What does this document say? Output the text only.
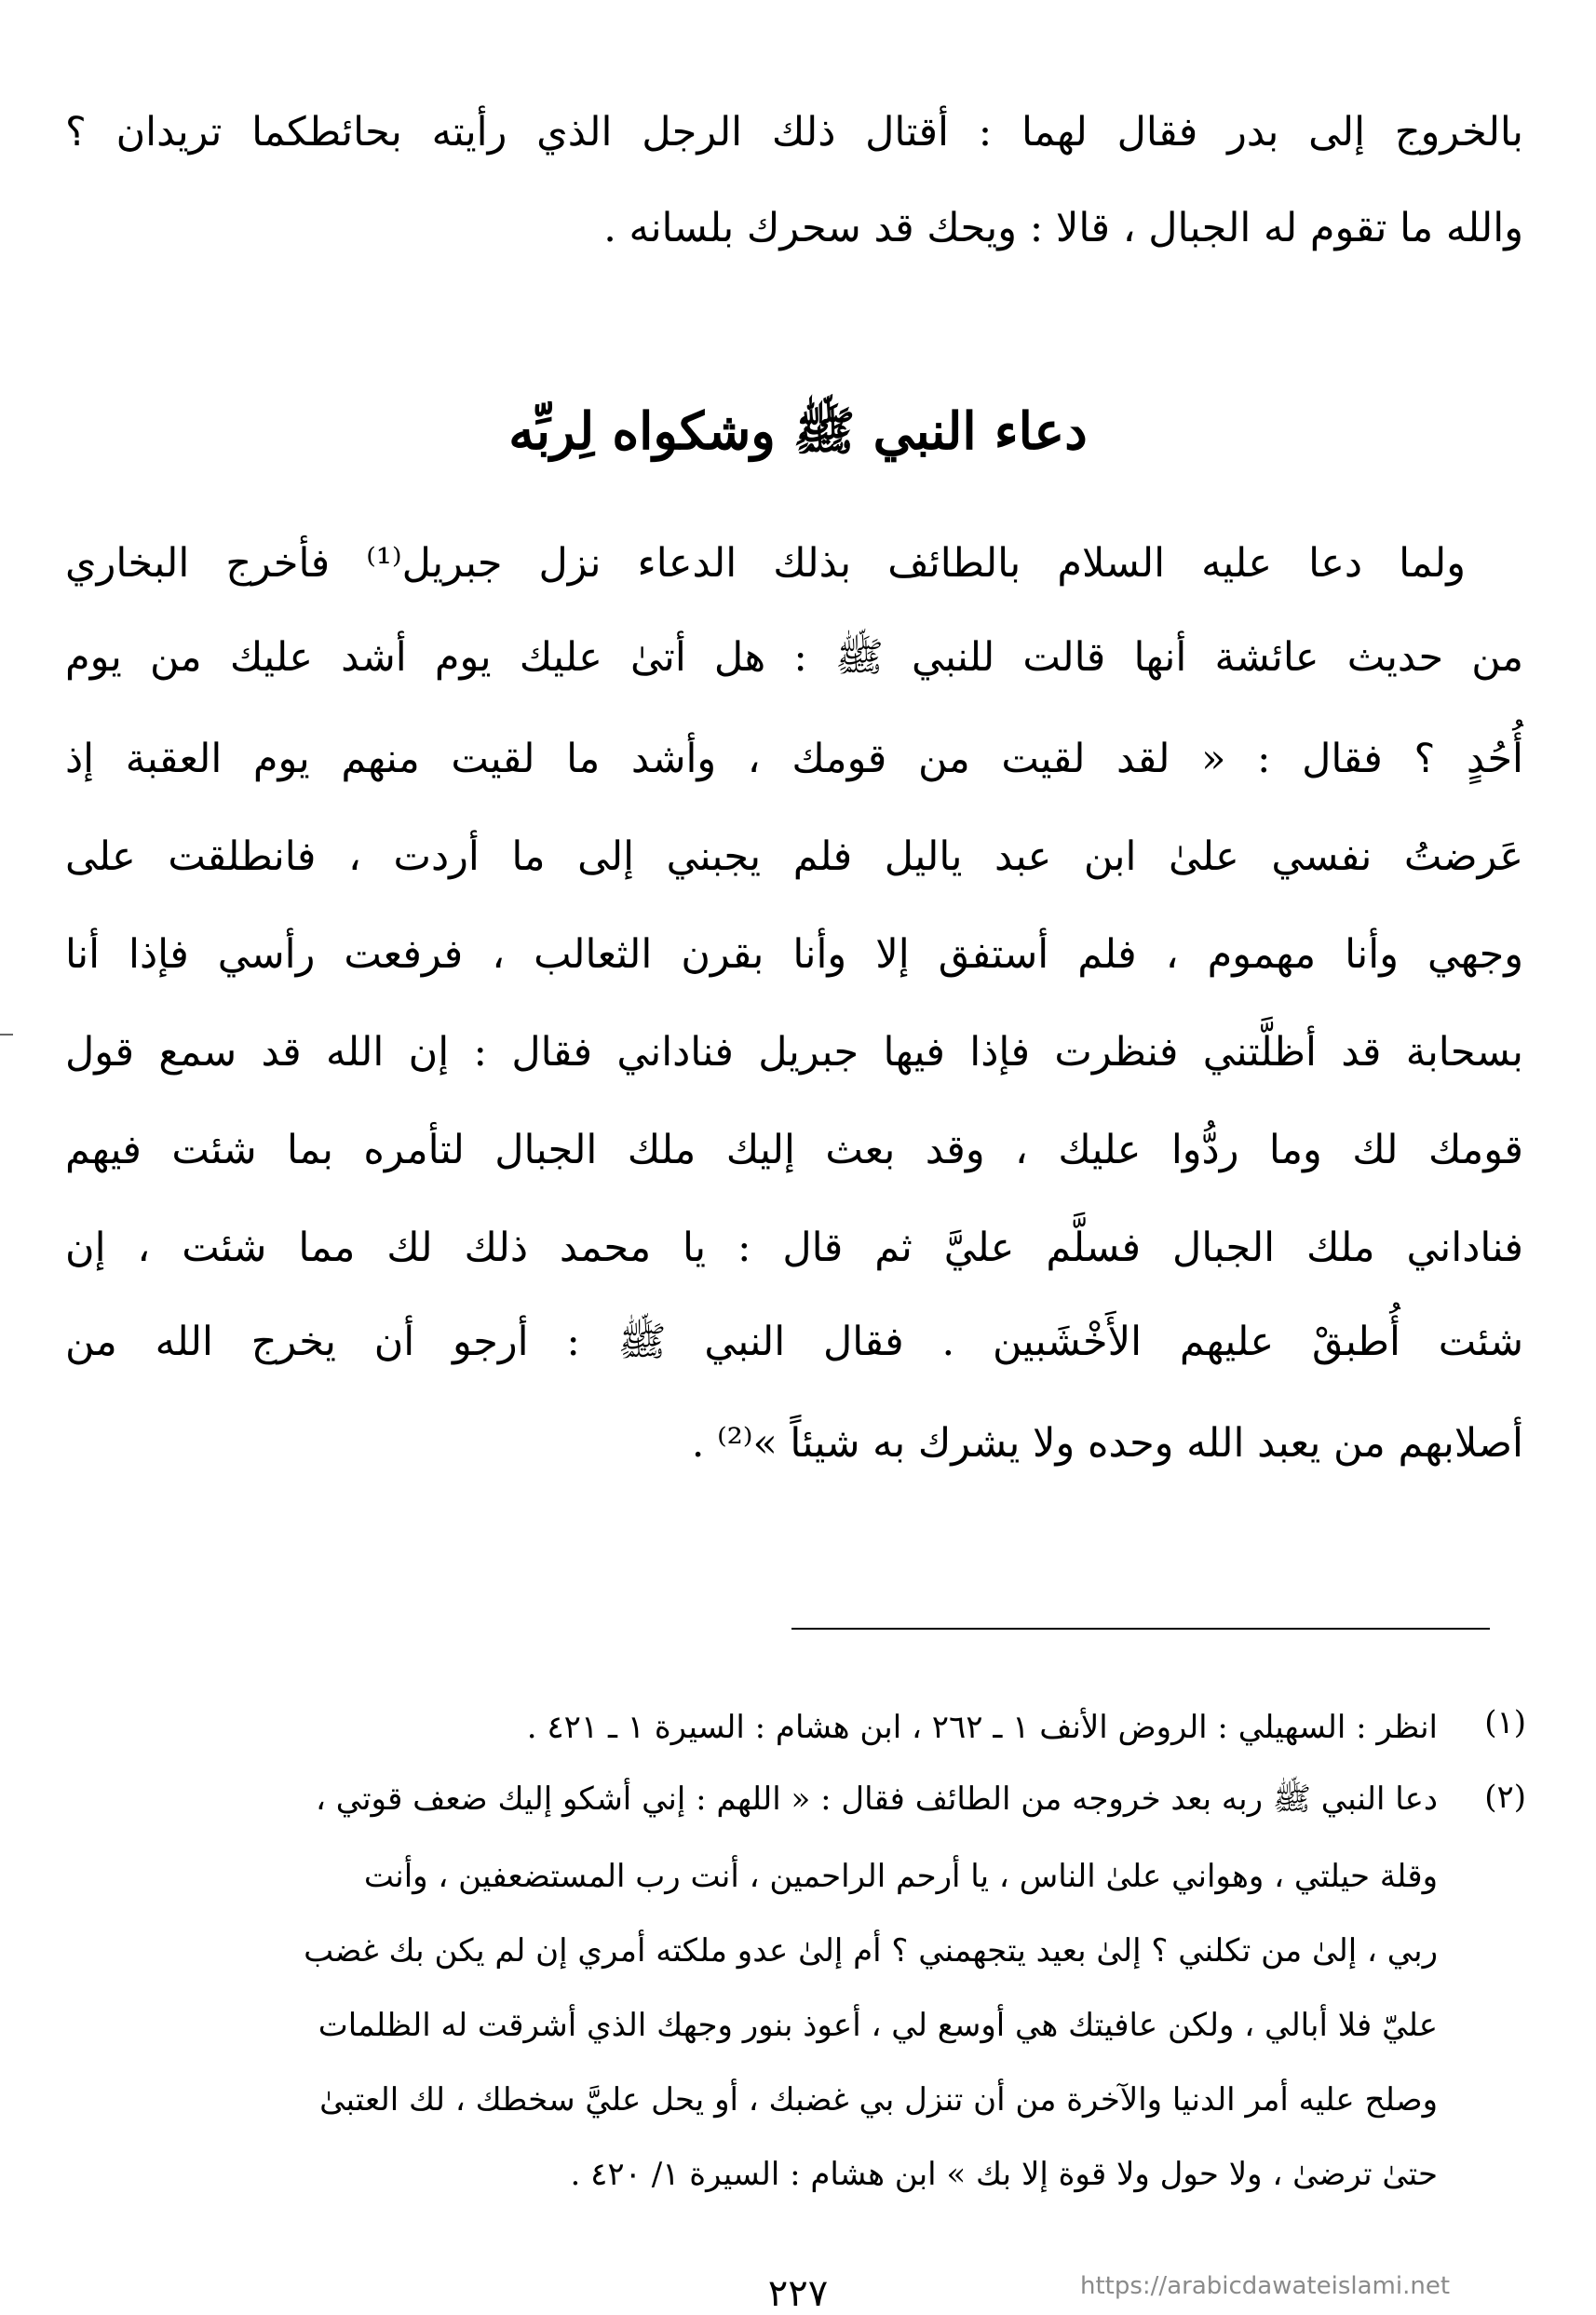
بالخروج إلى بدر فقال لهما : أقتال ذلك الرجل الذي رأيته بحائطكما تريدان ؟
والله ما تقوم له الجبال ، قالا : ويحك قد سحرك بلسانه .
دعاء النبي ﷺ وشكواه لِربِّه
ولما دعا عليه السلام بالطائف بذلك الدعاء نزل جبريل⁽¹⁾ فأخرج البخاري
من حديث عائشة أنها قالت للنبي ﷺ : هل أتىٰ عليك يوم أشد عليك من يوم
أُحُدٍ ؟ فقال : « لقد لقيت من قومك ، وأشد ما لقيت منهم يوم العقبة إذ
عَرضتُ نفسي علىٰ ابن عبد ياليل فلم يجبني إلى ما أردت ، فانطلقت على
وجهي وأنا مهموم ، فلم أستفق إلا وأنا بقرن الثعالب ، فرفعت رأسي فإذا أنا
بسحابة قد أظلَّتني فنظرت فإذا فيها جبريل فناداني فقال : إن الله قد سمع قول
قومك لك وما ردُّوا عليك ، وقد بعث إليك ملك الجبال لتأمره بما شئت فيهم
فناداني ملك الجبال فسلَّم عليَّ ثم قال : يا محمد ذلك لك مما شئت ، إن
شئت أُطبقْ عليهم الأَخْشَبين . فقال النبي ﷺ : أرجو أن يخرج الله من
أصلابهم من يعبد الله وحده ولا يشرك به شيئاً »⁽²⁾ .
(١)
انظر : السهيلي : الروض الأنف ١ ـ ٢٦٢ ، ابن هشام : السيرة ١ ـ ٤٢١ .
(٢)
دعا النبي ﷺ ربه بعد خروجه من الطائف فقال : « اللهم : إني أشكو إليك ضعف قوتي ،
وقلة حيلتي ، وهواني علىٰ الناس ، يا أرحم الراحمين ، أنت رب المستضعفين ، وأنت
ربي ، إلىٰ من تكلني ؟ إلىٰ بعيد يتجهمني ؟ أم إلىٰ عدو ملكته أمري إن لم يكن بك غضب
عليّ فلا أبالي ، ولكن عافيتك هي أوسع لي ، أعوذ بنور وجهك الذي أشرقت له الظلمات
وصلح عليه أمر الدنيا والآخرة من أن تنزل بي غضبك ، أو يحل عليَّ سخطك ، لك العتبىٰ
حتىٰ ترضىٰ ، ولا حول ولا قوة إلا بك » ابن هشام : السيرة ١/ ٤٢٠ .
https://arabicdawateislami.net
٢٢٧
